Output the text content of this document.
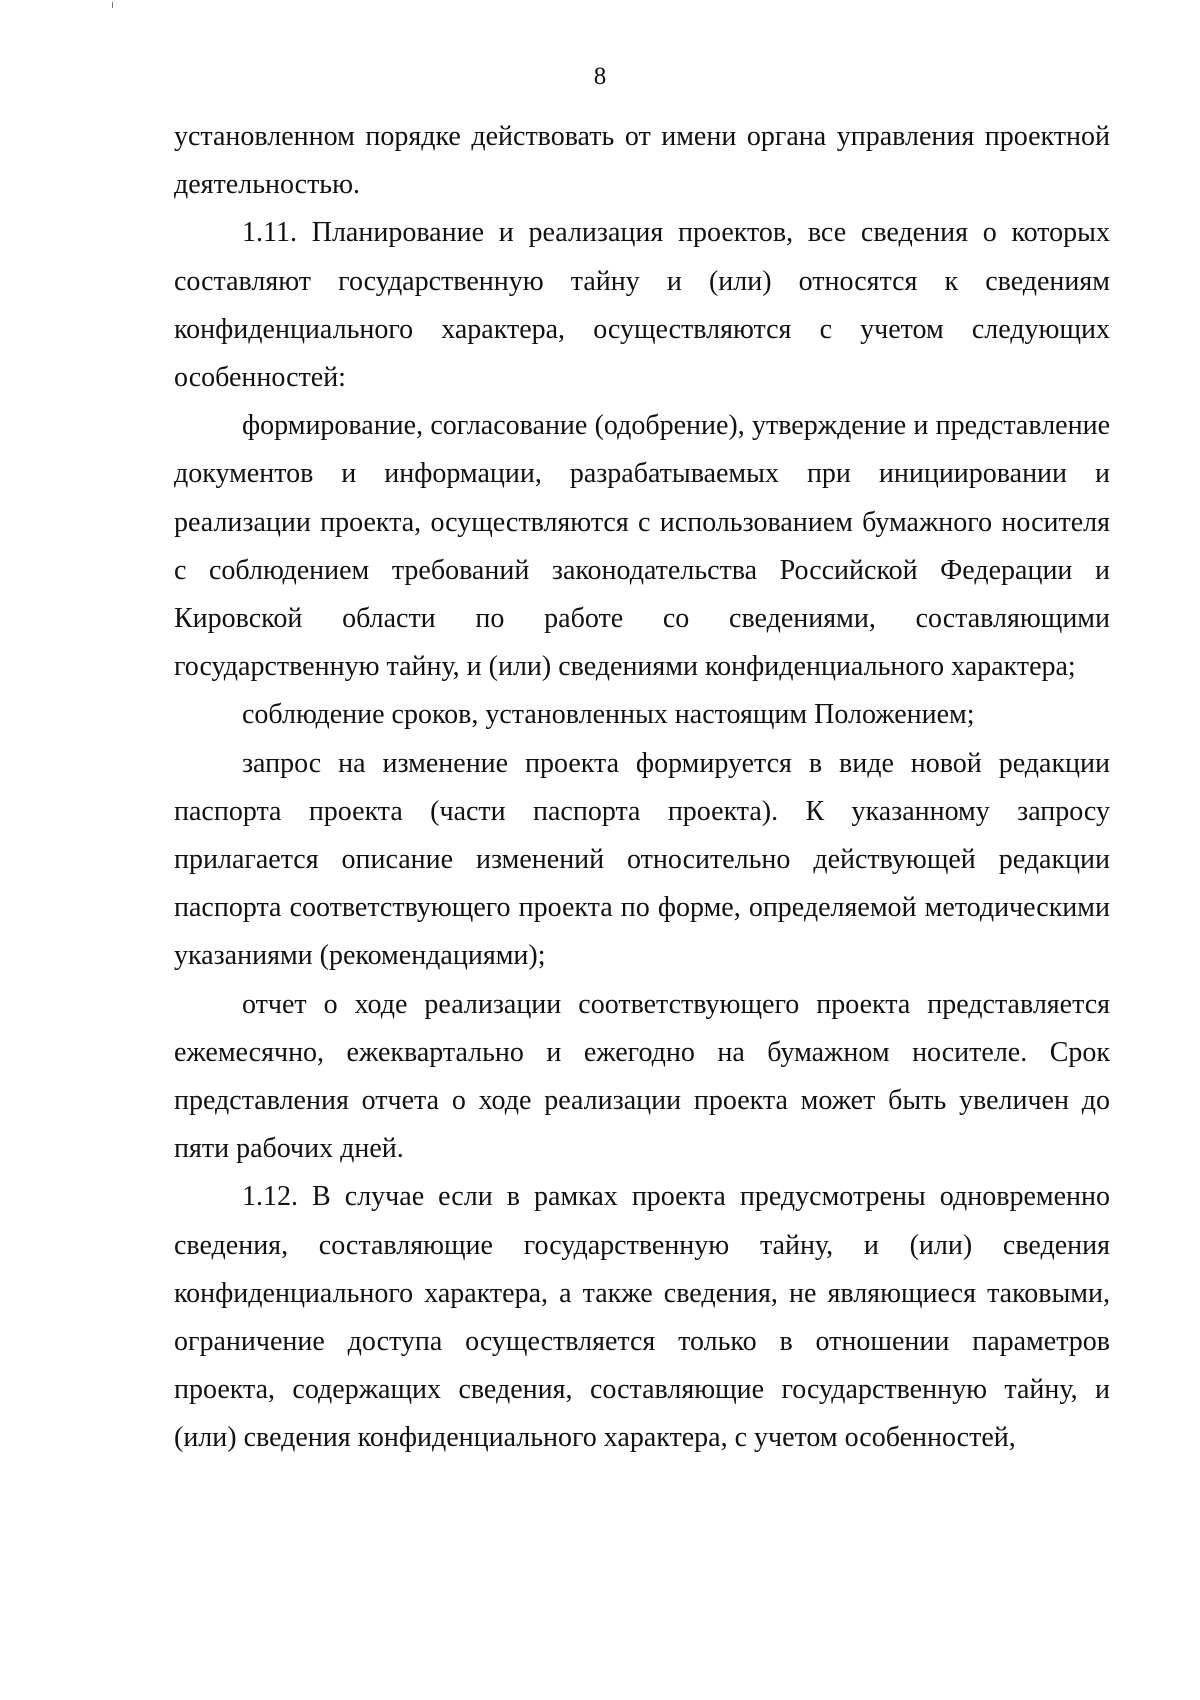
8

установленном порядке действовать от имени органа управления проектной деятельностью.

1.11. Планирование и реализация проектов, все сведения о которых составляют государственную тайну и (или) относятся к сведениям конфиденциального характера, осуществляются с учетом следующих особенностей:

формирование, согласование (одобрение), утверждение и представление документов и информации, разрабатываемых при инициировании и реализации проекта, осуществляются с использованием бумажного носителя с соблюдением требований законодательства Российской Федерации и Кировской области по работе со сведениями, составляющими государственную тайну, и (или) сведениями конфиденциального характера;

соблюдение сроков, установленных настоящим Положением;

запрос на изменение проекта формируется в виде новой редакции паспорта проекта (части паспорта проекта). К указанному запросу прилагается описание изменений относительно действующей редакции паспорта соответствующего проекта по форме, определяемой методическими указаниями (рекомендациями);

отчет о ходе реализации соответствующего проекта представляется ежемесячно, ежеквартально и ежегодно на бумажном носителе. Срок представления отчета о ходе реализации проекта может быть увеличен до пяти рабочих дней.

1.12. В случае если в рамках проекта предусмотрены одновременно сведения, составляющие государственную тайну, и (или) сведения конфиденциального характера, а также сведения, не являющиеся таковыми, ограничение доступа осуществляется только в отношении параметров проекта, содержащих сведения, составляющие государственную тайну, и (или) сведения конфиденциального характера, с учетом особенностей,
